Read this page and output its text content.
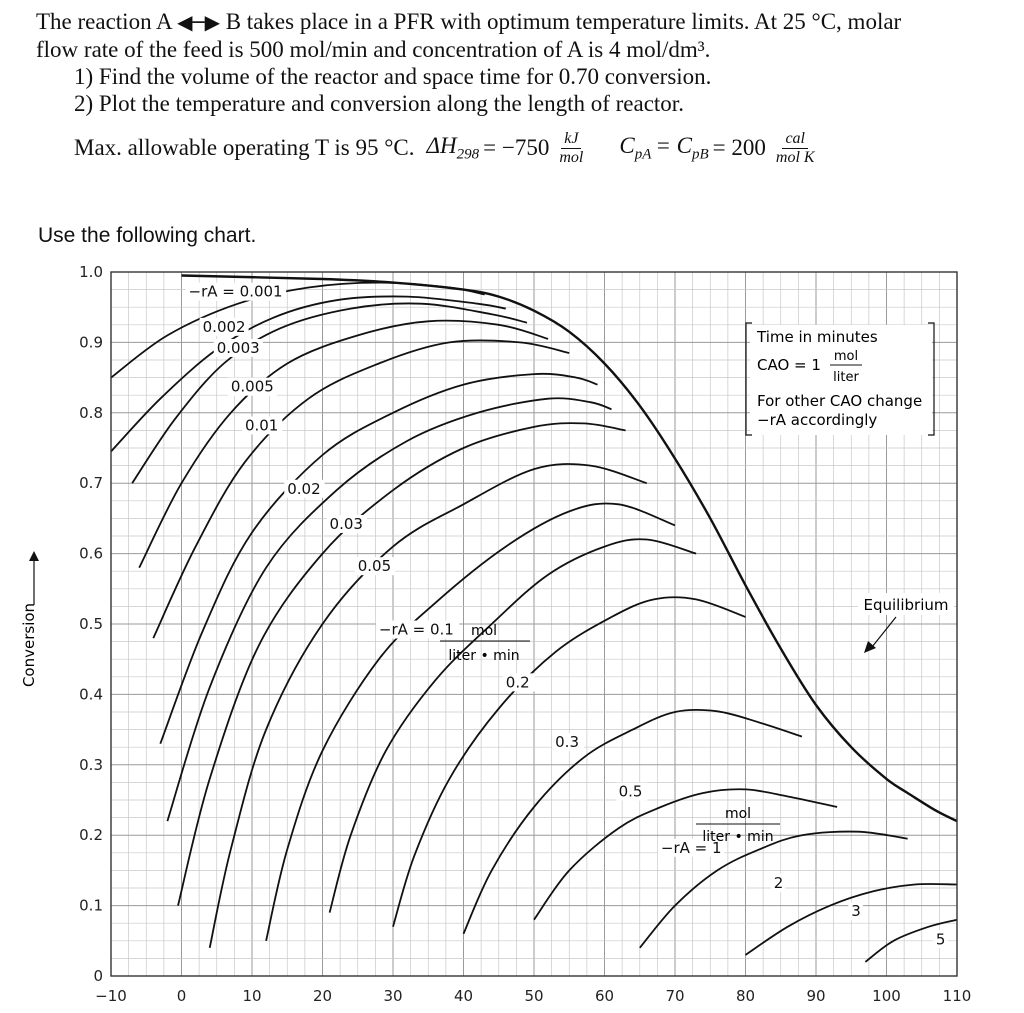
The reaction A ◀─▶ B takes place in a PFR with optimum temperature limits. At 25 °C, molar
flow rate of the feed is 500 mol/min and concentration of A is 4 mol/dm³.
1) Find the volume of the reactor and space time for 0.70 conversion.
2) Plot the temperature and conversion along the length of reactor.
Max. allowable operating T is 95 °C. $\Delta H_{298} = -750 \frac{kJ}{\text{mol}} C_{pA} = C_{pB} = 200 \frac{\text{cal}}{\text{mol K}}$
Use the following chart.
−10	0	10	20	30	40	50	60	70	80	90	100	110
0
0.1
0.2
0.3
0.4
0.5
0.6
0.7
0.8
0.9
1.0
−rA = 0.001
0.002
0.003
0.005
0.01
0.02
0.03
0.05
−rA = 0.1
0.2
0.3
0.5
−rA = 1
2
3
5
Conversion	mol
liter • min
mol
liter • min
Time in minutes
CAO = 1 mol
liter
For other CAO change
−rA accordingly
Equilibrium
